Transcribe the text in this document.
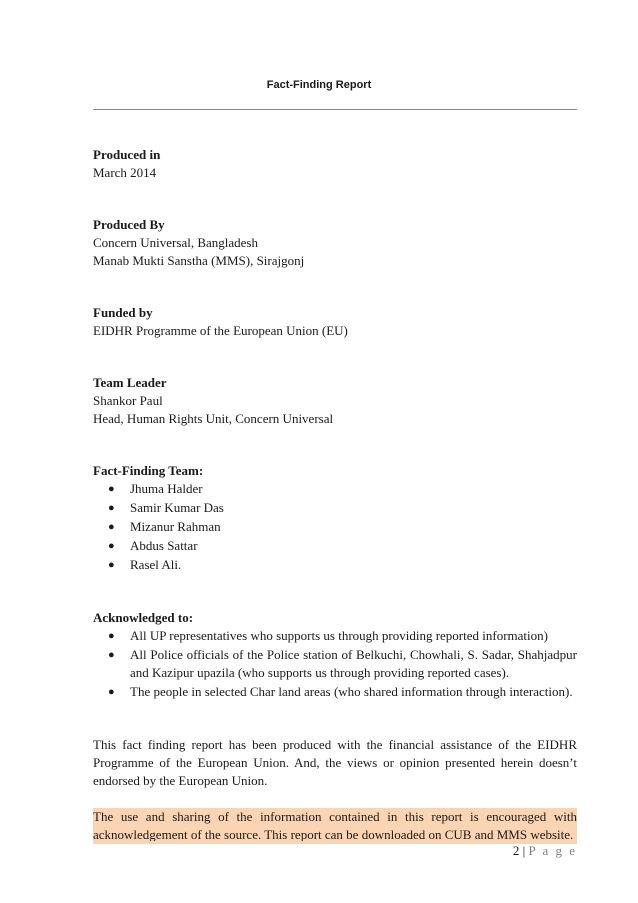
Fact-Finding Report
Produced in
March 2014
Produced By
Concern Universal, Bangladesh
Manab Mukti Sanstha (MMS), Sirajgonj
Funded by
EIDHR Programme of the European Union (EU)
Team Leader
Shankor Paul
Head, Human Rights Unit, Concern Universal
Fact-Finding Team:
● Jhuma Halder
● Samir Kumar Das
● Mizanur Rahman
● Abdus Sattar
● Rasel Ali.
Acknowledged to:
● All UP representatives who supports us through providing reported information)
● All Police officials of the Police station of Belkuchi, Chowhali, S. Sadar, Shahjadpur and Kazipur upazila (who supports us through providing reported cases).
● The people in selected Char land areas (who shared information through interaction).

This fact finding report has been produced with the financial assistance of the EIDHR Programme of the European Union. And, the views or opinion presented herein doesn’t endorsed by the European Union.

The use and sharing of the information contained in this report is encouraged with acknowledgement of the source. This report can be downloaded on CUB and MMS website.

2 | P a g e
